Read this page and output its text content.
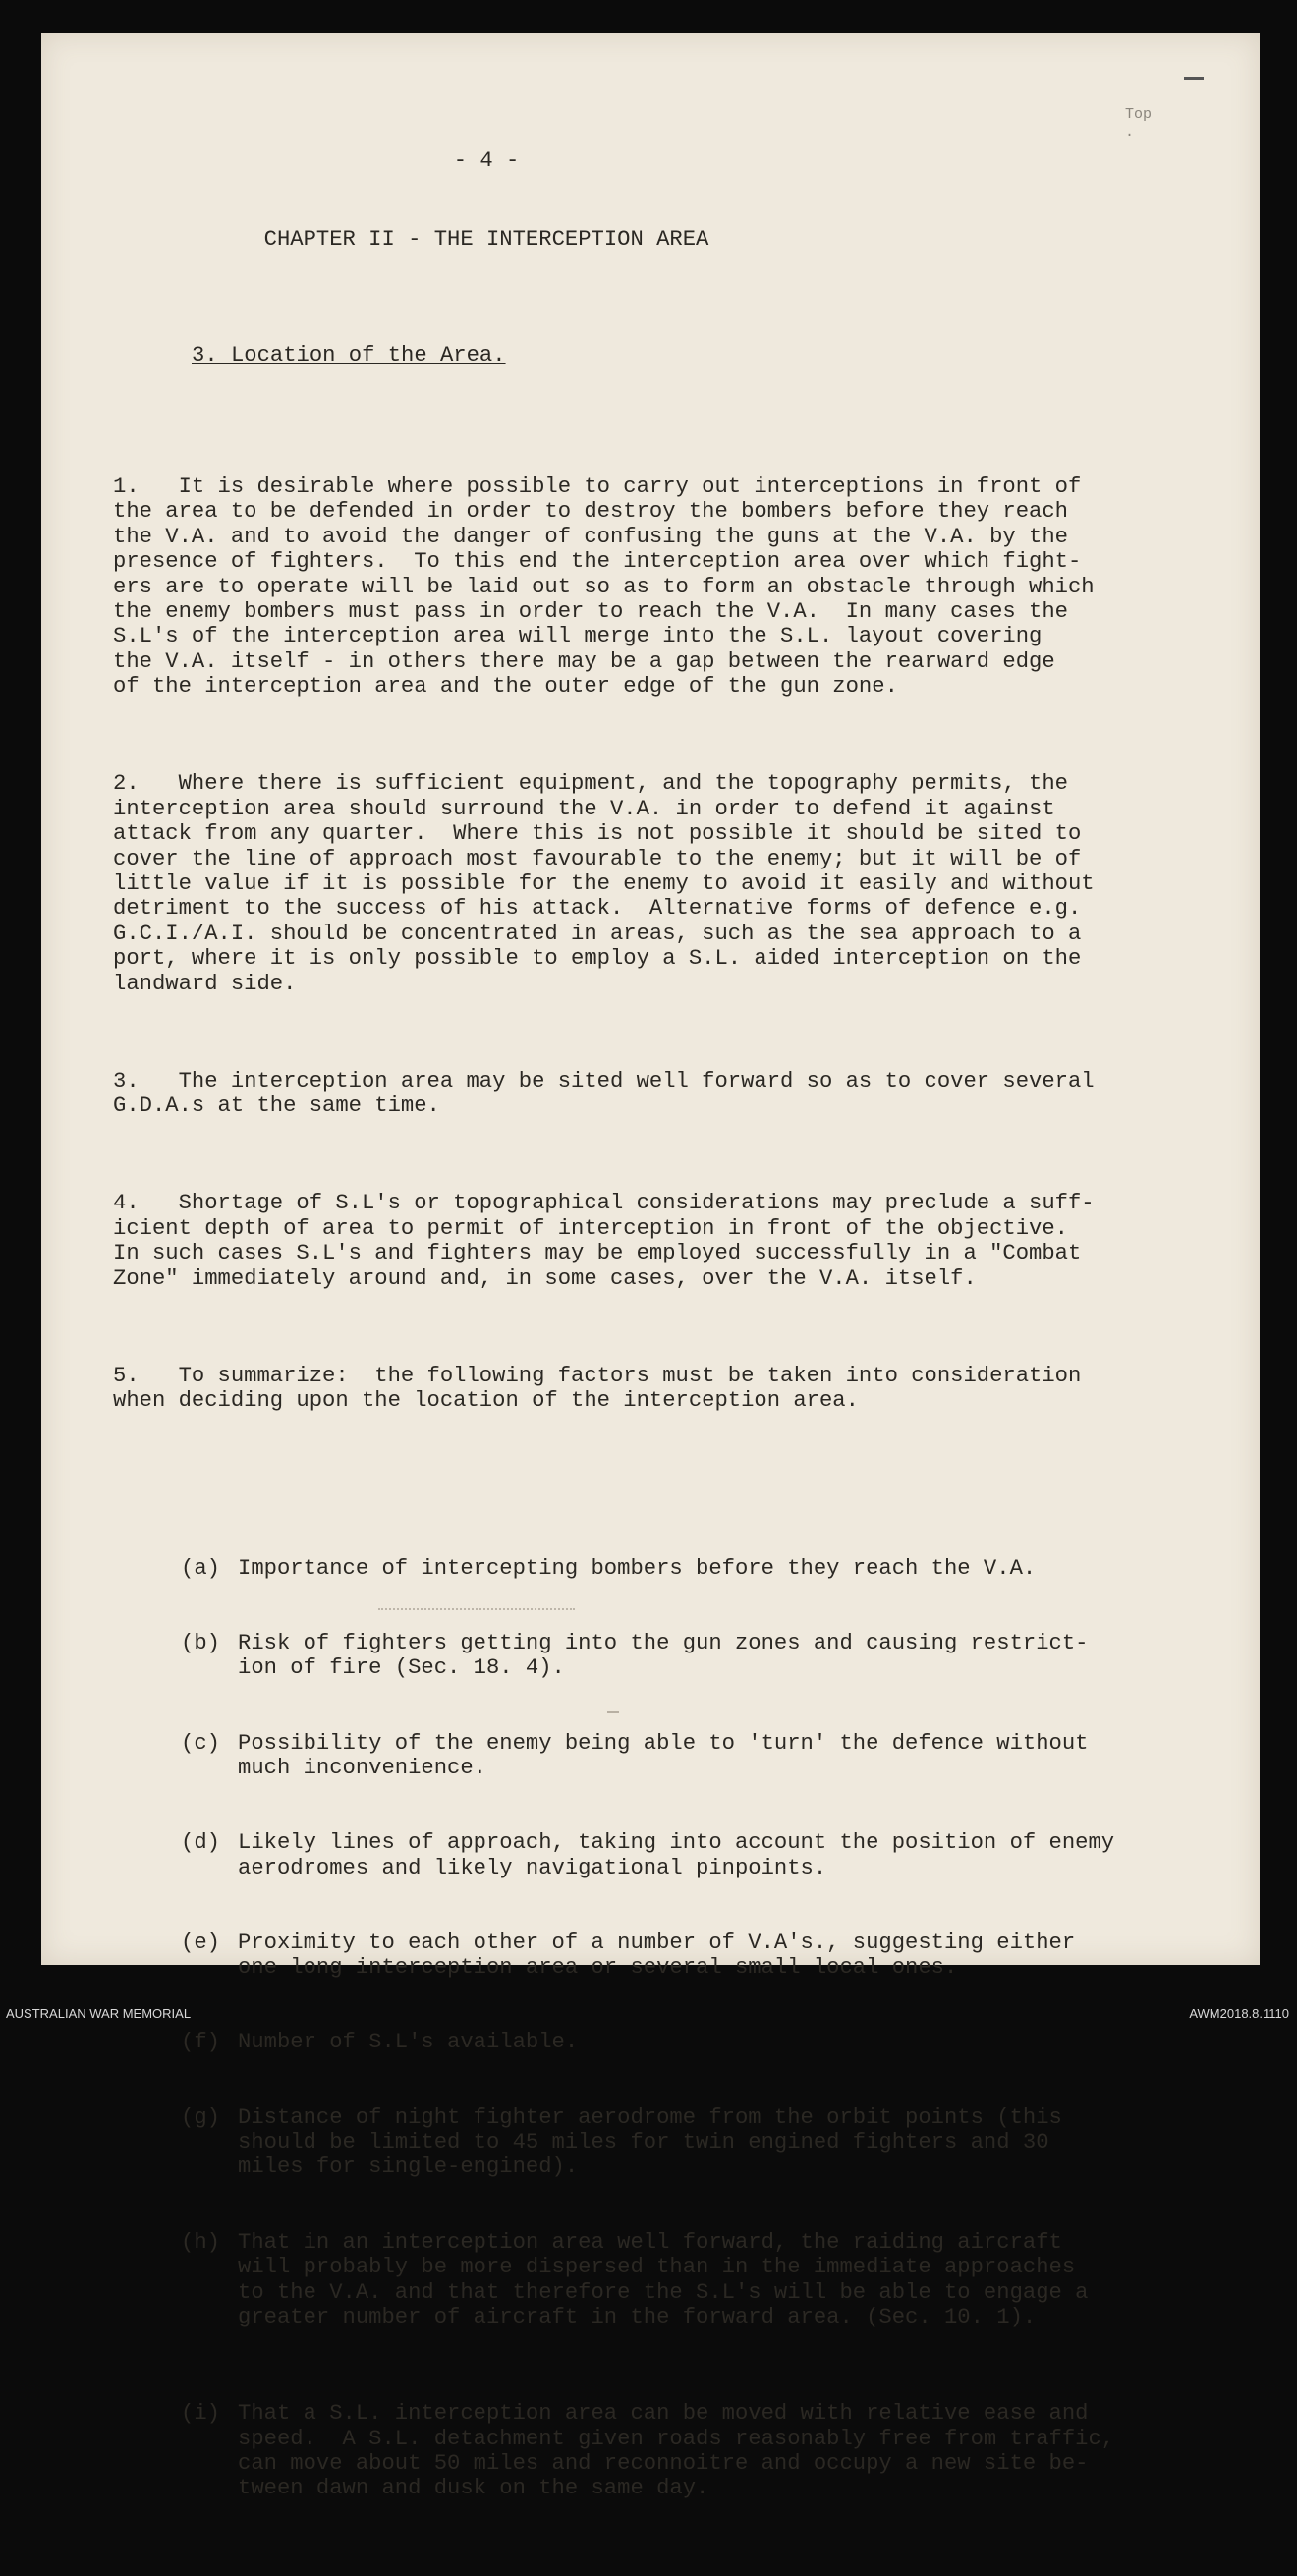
Top
.

- 4 -

CHAPTER II - THE INTERCEPTION AREA

3. Location of the Area.

1.   It is desirable where possible to carry out interceptions in front of
the area to be defended in order to destroy the bombers before they reach
the V.A. and to avoid the danger of confusing the guns at the V.A. by the
presence of fighters.  To this end the interception area over which fight-
ers are to operate will be laid out so as to form an obstacle through which
the enemy bombers must pass in order to reach the V.A.  In many cases the
S.L's of the interception area will merge into the S.L. layout covering
the V.A. itself - in others there may be a gap between the rearward edge
of the interception area and the outer edge of the gun zone.

2.   Where there is sufficient equipment, and the topography permits, the
interception area should surround the V.A. in order to defend it against
attack from any quarter.  Where this is not possible it should be sited to
cover the line of approach most favourable to the enemy; but it will be of
little value if it is possible for the enemy to avoid it easily and without
detriment to the success of his attack.  Alternative forms of defence e.g.
G.C.I./A.I. should be concentrated in areas, such as the sea approach to a
port, where it is only possible to employ a S.L. aided interception on the
landward side.

3.   The interception area may be sited well forward so as to cover several
G.D.A.s at the same time.

4.   Shortage of S.L's or topographical considerations may preclude a suff-
icient depth of area to permit of interception in front of the objective.
In such cases S.L's and fighters may be employed successfully in a "Combat
Zone" immediately around and, in some cases, over the V.A. itself.

5.   To summarize:  the following factors must be taken into consideration
when deciding upon the location of the interception area.

(a) Importance of intercepting bombers before they reach the V.A.

(b) Risk of fighters getting into the gun zones and causing restrict-
ion of fire (Sec. 18. 4).

(c) Possibility of the enemy being able to 'turn' the defence without
much inconvenience.

(d) Likely lines of approach, taking into account the position of enemy
aerodromes and likely navigational pinpoints.

(e) Proximity to each other of a number of V.A's., suggesting either
one long interception area or several small local ones.

(f) Number of S.L's available.

(g) Distance of night fighter aerodrome from the orbit points (this
should be limited to 45 miles for twin engined fighters and 30
miles for single-engined).

(h) That in an interception area well forward, the raiding aircraft
will probably be more dispersed than in the immediate approaches
to the V.A. and that therefore the S.L's will be able to engage a
greater number of aircraft in the forward area. (Sec. 10. 1).

(i) That a S.L. interception area can be moved with relative ease and
speed.  A S.L. detachment given roads reasonably free from traffic,
can move about 50 miles and reconnoitre and occupy a new site be-
tween dawn and dusk on the same day.

AUSTRALIAN WAR MEMORIAL	AWM2018.8.1110
